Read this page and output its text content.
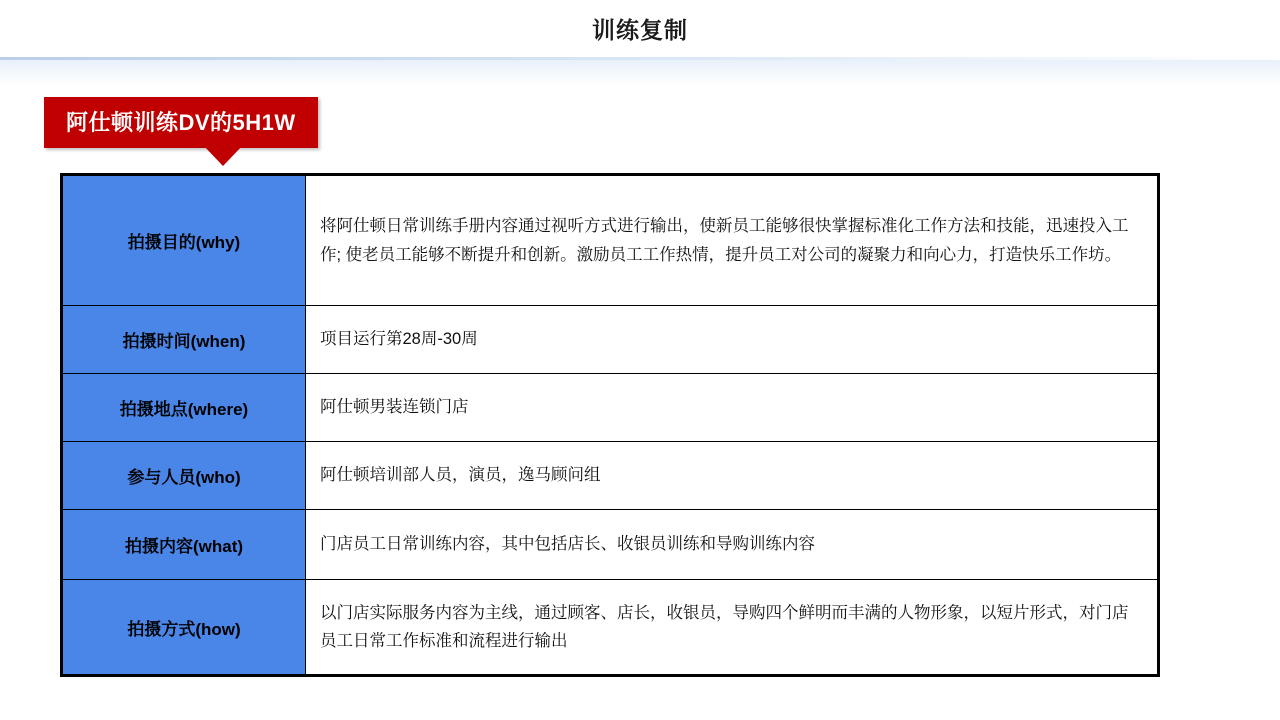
训练复制
阿仕顿训练DV的5H1W
拍摄目的(why)	将阿仕顿日常训练手册内容通过视听方式进行输出，使新员工能够很快掌握标准化工作方法和技能，迅速投入工作; 使老员工能够不断提升和创新。激励员工工作热情，提升员工对公司的凝聚力和向心力，打造快乐工作坊。
拍摄时间(when)	项目运行第28周-30周
拍摄地点(where)	阿仕顿男装连锁门店
参与人员(who)	阿仕顿培训部人员，演员，逸马顾问组
拍摄内容(what)	门店员工日常训练内容，其中包括店长、收银员训练和导购训练内容
拍摄方式(how)	以门店实际服务内容为主线，通过顾客、店长，收银员，导购四个鲜明而丰满的人物形象，以短片形式，对门店员工日常工作标准和流程进行输出
